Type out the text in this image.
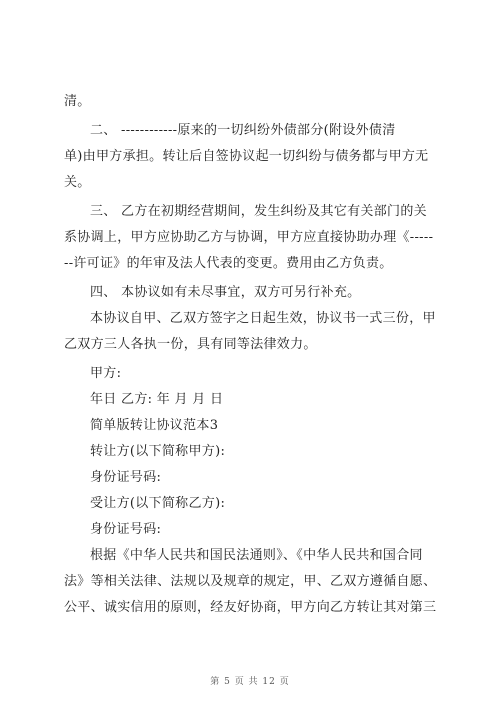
清。
二、 ------------原来的一切纠纷外债部分(附设外债清
单)由甲方承担。转让后自签协议起一切纠纷与债务都与甲方无
关。
三、 乙方在初期经营期间，发生纠纷及其它有关部门的关
系协调上，甲方应协助乙方与协调，甲方应直接协助办理《-----
--许可证》的年审及法人代表的变更。费用由乙方负责。
四、 本协议如有未尽事宜，双方可另行补充。
本协议自甲、乙双方签字之日起生效，协议书一式三份，甲
乙双方三人各执一份，具有同等法律效力。
甲方:
年日 乙方: 年 月 月 日
简单版转让协议范本3
转让方(以下简称甲方):
身份证号码:
受让方(以下简称乙方):
身份证号码:
根据《中华人民共和国民法通则》、《中华人民共和国合同
法》等相关法律、法规以及规章的规定，甲、乙双方遵循自愿、
公平、诚实信用的原则，经友好协商，甲方向乙方转让其对第三
第 5 页 共 12 页
